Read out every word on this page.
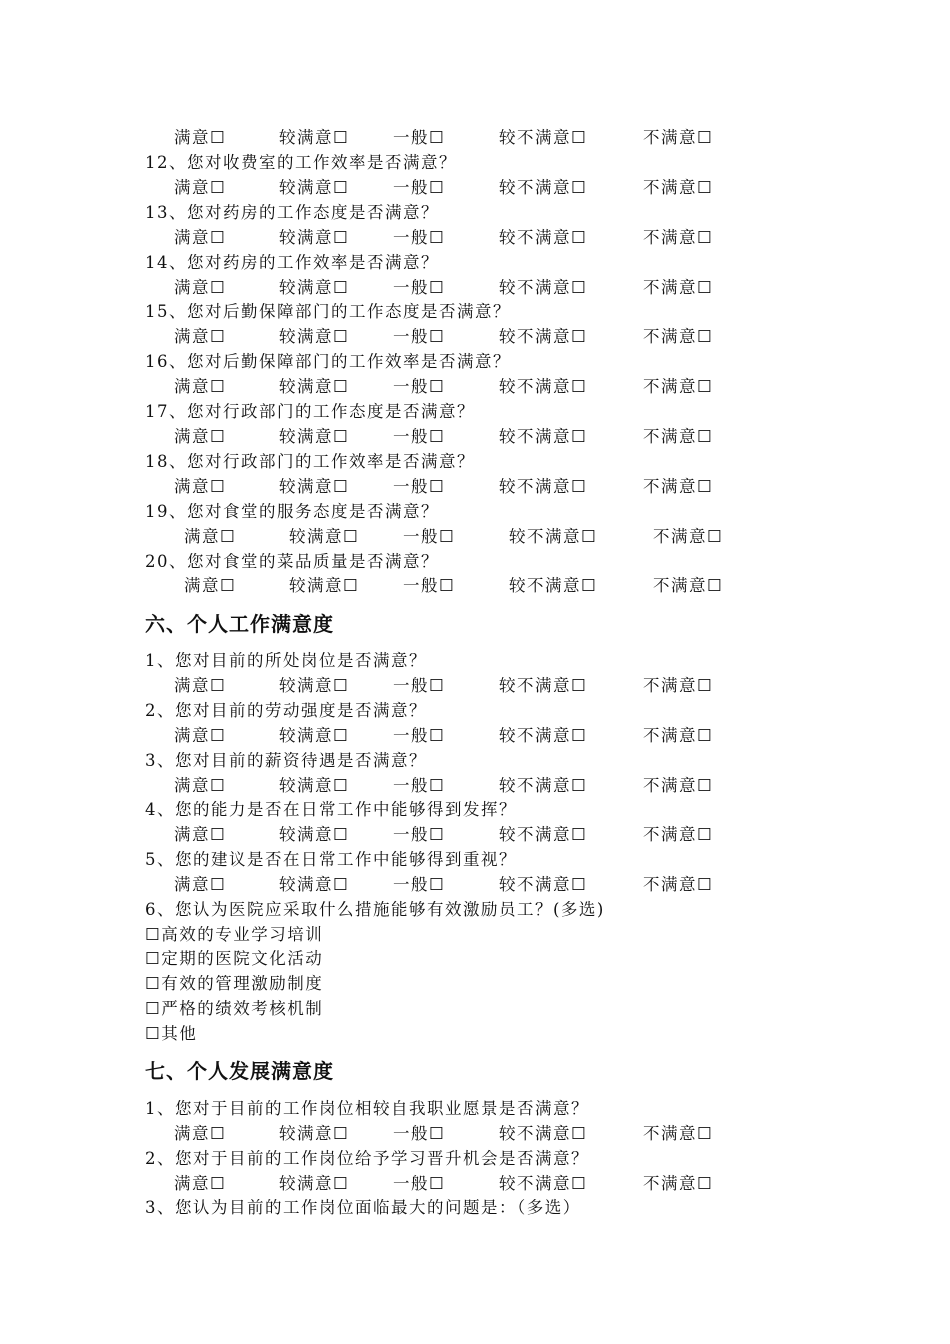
满意☐	较满意☐	一般☐	较不满意☐	不满意☐
12、您对收费室的工作效率是否满意？
满意☐	较满意☐	一般☐	较不满意☐	不满意☐
13、您对药房的工作态度是否满意？
满意☐	较满意☐	一般☐	较不满意☐	不满意☐
14、您对药房的工作效率是否满意？
满意☐	较满意☐	一般☐	较不满意☐	不满意☐
15、您对后勤保障部门的工作态度是否满意？
满意☐	较满意☐	一般☐	较不满意☐	不满意☐
16、您对后勤保障部门的工作效率是否满意？
满意☐	较满意☐	一般☐	较不满意☐	不满意☐
17、您对行政部门的工作态度是否满意？
满意☐	较满意☐	一般☐	较不满意☐	不满意☐
18、您对行政部门的工作效率是否满意？
满意☐	较满意☐	一般☐	较不满意☐	不满意☐
19、您对食堂的服务态度是否满意？
满意☐	较满意☐	一般☐	较不满意☐	不满意☐
20、您对食堂的菜品质量是否满意？
满意☐	较满意☐	一般☐	较不满意☐	不满意☐
六、个人工作满意度
1、您对目前的所处岗位是否满意？
满意☐	较满意☐	一般☐	较不满意☐	不满意☐
2、您对目前的劳动强度是否满意？
满意☐	较满意☐	一般☐	较不满意☐	不满意☐
3、您对目前的薪资待遇是否满意？
满意☐	较满意☐	一般☐	较不满意☐	不满意☐
4、您的能力是否在日常工作中能够得到发挥？
满意☐	较满意☐	一般☐	较不满意☐	不满意☐
5、您的建议是否在日常工作中能够得到重视？
满意☐	较满意☐	一般☐	较不满意☐	不满意☐
6、您认为医院应采取什么措施能够有效激励员工？(多选)
☐高效的专业学习培训
☐定期的医院文化活动
☐有效的管理激励制度
☐严格的绩效考核机制
☐其他
七、个人发展满意度
1、您对于目前的工作岗位相较自我职业愿景是否满意？
满意☐	较满意☐	一般☐	较不满意☐	不满意☐
2、您对于目前的工作岗位给予学习晋升机会是否满意？
满意☐	较满意☐	一般☐	较不满意☐	不满意☐
3、您认为目前的工作岗位面临最大的问题是：（多选）
